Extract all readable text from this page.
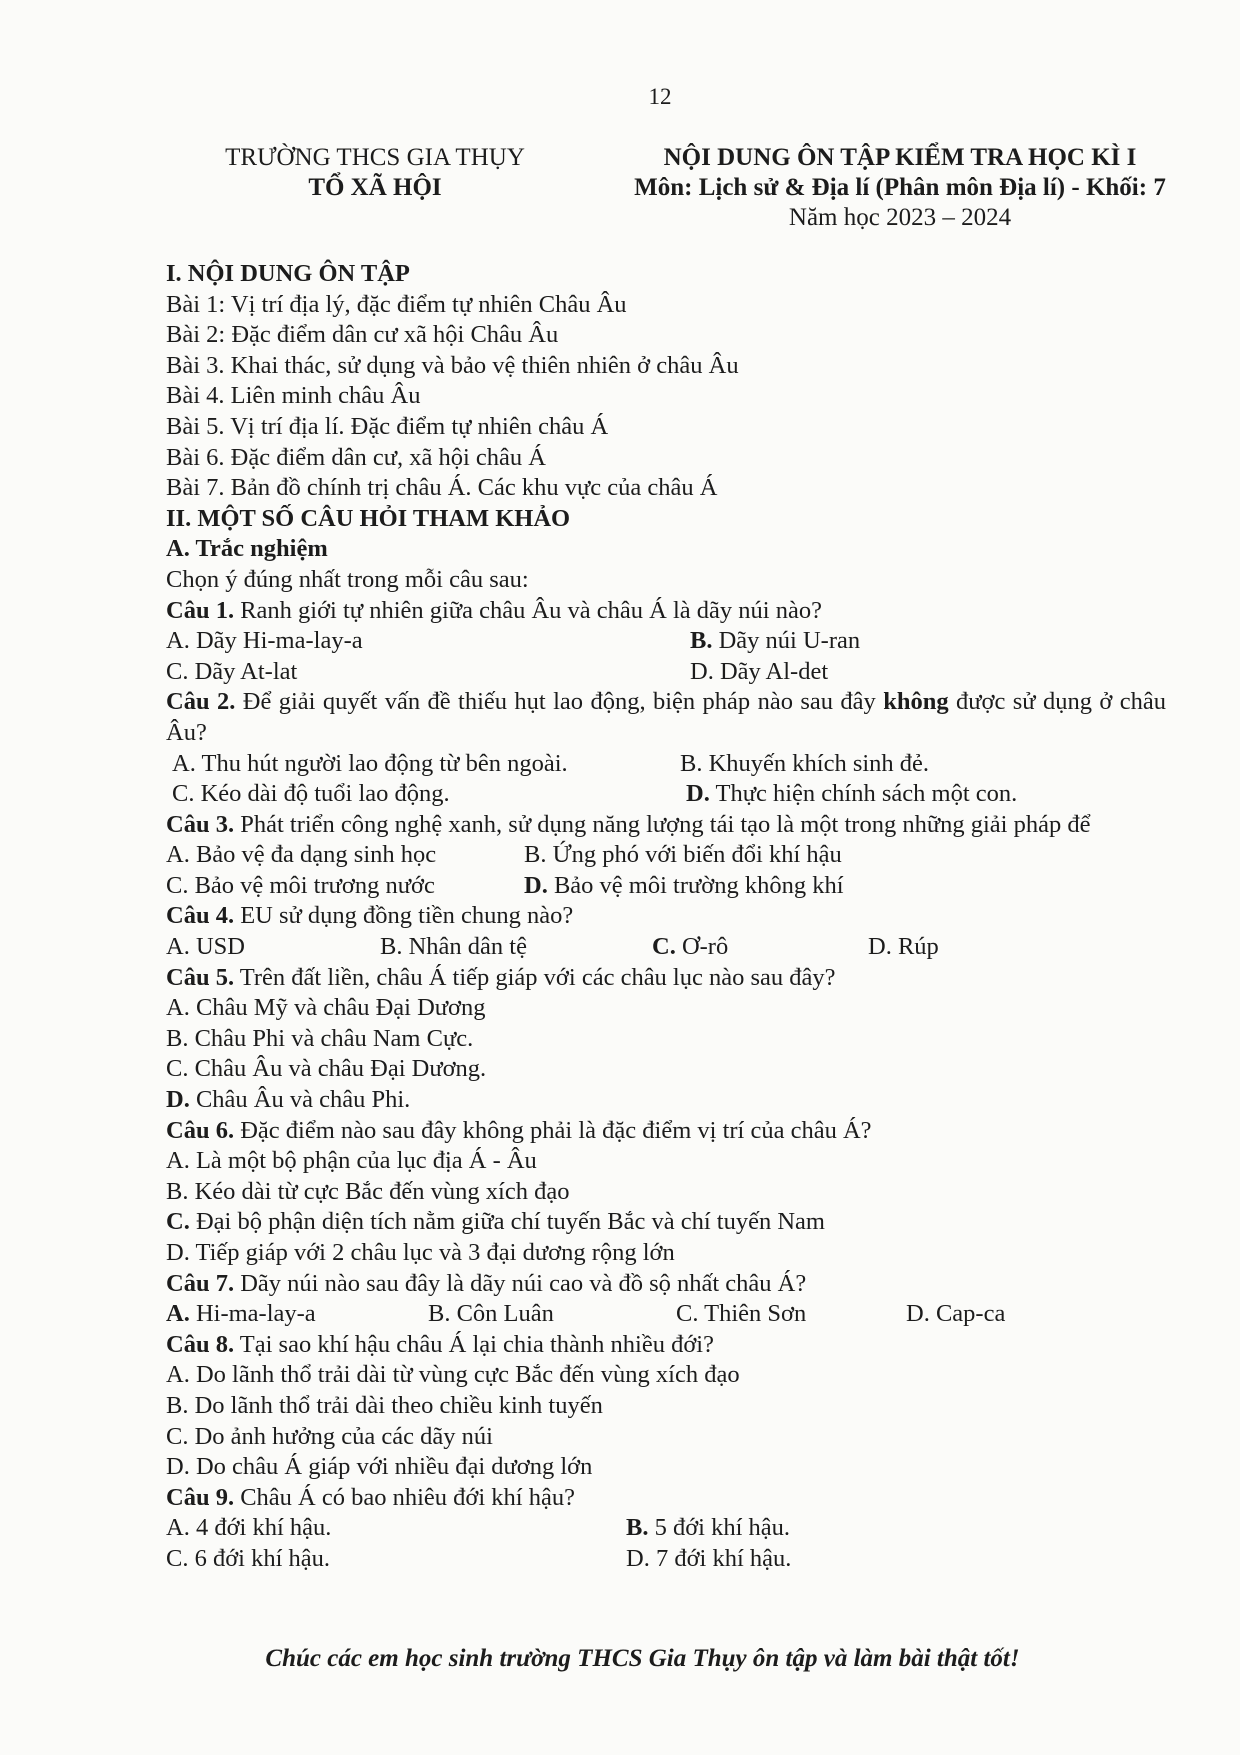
12
TRƯỜNG THCS GIA THỤY
TỔ XÃ HỘI
NỘI DUNG ÔN TẬP KIỂM TRA HỌC KÌ I
Môn: Lịch sử & Địa lí (Phân môn Địa lí) - Khối: 7
Năm học 2023 – 2024
I. NỘI DUNG ÔN TẬP
Bài 1: Vị trí địa lý, đặc điểm tự nhiên Châu Âu
Bài 2: Đặc điểm dân cư xã hội Châu Âu
Bài 3. Khai thác, sử dụng và bảo vệ thiên nhiên ở châu Âu
Bài 4. Liên minh châu Âu
Bài 5. Vị trí địa lí. Đặc điểm tự nhiên châu Á
Bài 6. Đặc điểm dân cư, xã hội châu Á
Bài 7. Bản đồ chính trị châu Á. Các khu vực của châu Á
II. MỘT SỐ CÂU HỎI THAM KHẢO
A. Trắc nghiệm
Chọn ý đúng nhất trong mỗi câu sau:
Câu 1. Ranh giới tự nhiên giữa châu Âu và châu Á là dãy núi nào?
A. Dãy Hi-ma-lay-a	B. Dãy núi U-ran
C. Dãy At-lat	D. Dãy Al-det
Câu 2. Để giải quyết vấn đề thiếu hụt lao động, biện pháp nào sau đây không được sử dụng ở châu Âu?
A. Thu hút người lao động từ bên ngoài.	B. Khuyến khích sinh đẻ.
C. Kéo dài độ tuổi lao động.	D. Thực hiện chính sách một con.
Câu 3. Phát triển công nghệ xanh, sử dụng năng lượng tái tạo là một trong những giải pháp để
A. Bảo vệ đa dạng sinh học	B. Ứng phó với biến đổi khí hậu
C. Bảo vệ môi trương nước	D. Bảo vệ môi trường không khí
Câu 4. EU sử dụng đồng tiền chung nào?
A. USD	B. Nhân dân tệ	C. Ơ-rô	D. Rúp
Câu 5. Trên đất liền, châu Á tiếp giáp với các châu lục nào sau đây?
A. Châu Mỹ và châu Đại Dương
B. Châu Phi và châu Nam Cực.
C. Châu Âu và châu Đại Dương.
D. Châu Âu và châu Phi.
Câu 6. Đặc điểm nào sau đây không phải là đặc điểm vị trí của châu Á?
A. Là một bộ phận của lục địa Á - Âu
B. Kéo dài từ cực Bắc đến vùng xích đạo
C. Đại bộ phận diện tích nằm giữa chí tuyến Bắc và chí tuyến Nam
D. Tiếp giáp với 2 châu lục và 3 đại dương rộng lớn
Câu 7. Dãy núi nào sau đây là dãy núi cao và đồ sộ nhất châu Á?
A. Hi-ma-lay-a	B. Côn Luân	C. Thiên Sơn	D. Cap-ca
Câu 8. Tại sao khí hậu châu Á lại chia thành nhiều đới?
A. Do lãnh thổ trải dài từ vùng cực Bắc đến vùng xích đạo
B. Do lãnh thổ trải dài theo chiều kinh tuyến
C. Do ảnh hưởng của các dãy núi
D. Do châu Á giáp với nhiều đại dương lớn
Câu 9. Châu Á có bao nhiêu đới khí hậu?
A. 4 đới khí hậu.	B. 5 đới khí hậu.
C. 6 đới khí hậu.	D. 7 đới khí hậu.
Chúc các em học sinh trường THCS Gia Thụy ôn tập và làm bài thật tốt!
